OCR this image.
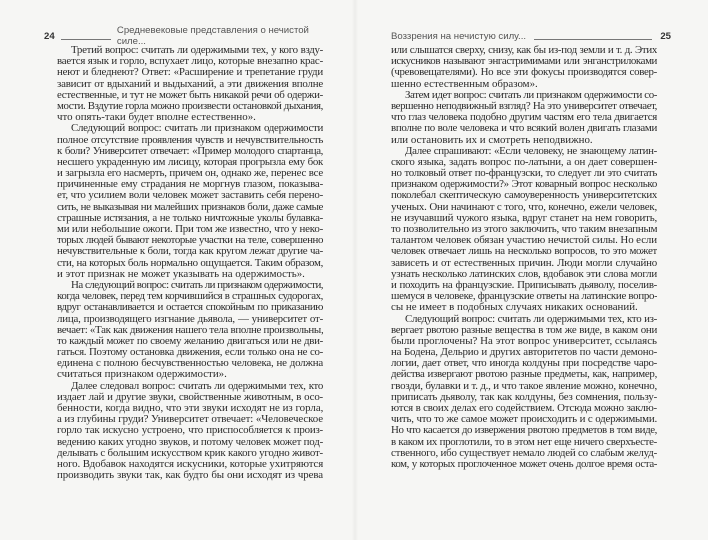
24	Средневековые представления о нечистой силе...	Воззрения на нечистую силу...	25
Третий вопрос: считать ли одержимыми тех, у кого взду-
вается язык и горло, вспухает лицо, которые внезапно крас-
неют и бледнеют? Ответ: «Расширение и трепетание груди
зависит от вдыханий и выдыханий, а эти движения вполне
естественные, и тут не может быть никакой речи об одержи-
мости. Вздутие горла можно произвести остановкой дыхания,
что опять-таки будет вполне естественно».
Следующий вопрос: считать ли признаком одержимости
полное отсутствие проявления чувств и нечувствительность
к боли? Университет отвечает: «Пример молодого спартанца,
несшего украденную им лисицу, которая прогрызла ему бок
и загрызла его насмерть, причем он, однако же, перенес все
причиненные ему страдания не моргнув глазом, показыва-
ет, что усилием воли человек может заставить себя перено-
сить, не выказывая ни малейших признаков боли, даже самые
страшные истязания, а не только ничтожные уколы булавка-
ми или небольшие ожоги. При том же известно, что у неко-
торых людей бывают некоторые участки на теле, совершенно
нечувствительные к боли, тогда как кругом лежат другие ча-
сти, на которых боль нормально ощущается. Таким образом,
и этот признак не может указывать на одержимость».
На следующий вопрос: считать ли признаком одержимости,
когда человек, перед тем корчившийся в страшных судорогах,
вдруг останавливается и остается спокойным по приказанию
лица, производящего изгнание дьявола, — университет от-
вечает: «Так как движения нашего тела вполне произвольны,
то каждый может по своему желанию двигаться или не дви-
гаться. Поэтому остановка движения, если только она не со-
единена с полною бесчувственностью человека, не должна
считаться признаком одержимости».
Далее следовал вопрос: считать ли одержимыми тех, кто
издает лай и другие звуки, свойственные животным, в осо-
бенности, когда видно, что эти звуки исходят не из горла,
а из глубины груди? Университет отвечает: «Человеческое
горло так искусно устроено, что приспособляется к произ-
ведению каких угодно звуков, и потому человек может под-
делывать с большим искусством крик какого угодно живот-
ного. Вдобавок находятся искусники, которые ухитряются
производить звуки так, как будто бы они исходят из чрева
или слышатся сверху, снизу, как бы из-под земли и т. д. Этих
искусников называют энгастримимами или энганстрилоками
(чревовещателями). Но все эти фокусы производятся совер-
шенно естественным образом».
Затем идет вопрос: считать ли признаком одержимости со-
вершенно неподвижный взгляд? На это университет отвечает,
что глаз человека подобно другим частям его тела двигается
вполне по воле человека и что всякий волен двигать глазами
или остановить их и смотреть неподвижно.
Далее спрашивают: «Если человеку, не знающему латин-
ского языка, задать вопрос по-латыни, а он дает совершен-
но толковый ответ по-французски, то следует ли это считать
признаком одержимости?» Этот коварный вопрос несколько
поколебал скептическую самоуверенность университетских
ученых. Они начинают с того, что, конечно, ежели человек,
не изучавший чужого языка, вдруг станет на нем говорить,
то позволительно из этого заключить, что таким внезапным
талантом человек обязан участию нечистой силы. Но если
человек отвечает лишь на несколько вопросов, то это может
зависеть и от естественных причин. Люди могли случайно
узнать несколько латинских слов, вдобавок эти слова могли
и походить на французские. Приписывать дьяволу, поселив-
шемуся в человеке, французские ответы на латинские вопро-
сы не имеет в подобных случаях никаких оснований.
Следующий вопрос: считать ли одержимыми тех, кто из-
вергает рвотою разные вещества в том же виде, в каком они
были проглочены? На этот вопрос университет, ссылаясь
на Бодена, Дельрио и других авторитетов по части демоно-
логии, дает ответ, что иногда колдуны при посредстве чаро-
действа извергают рвотою разные предметы, как, например,
гвозди, булавки и т. д., и что такое явление можно, конечно,
приписать дьяволу, так как колдуны, без сомнения, пользу-
ются в своих делах его содействием. Отсюда можно заклю-
чить, что то же самое может происходить и с одержимыми.
Но что касается до извержения рвотою предметов в том виде,
в каком их проглотили, то в этом нет еще ничего сверхъесте-
ственного, ибо существует немало людей со слабым желуд-
ком, у которых проглоченное может очень долгое время оста-
